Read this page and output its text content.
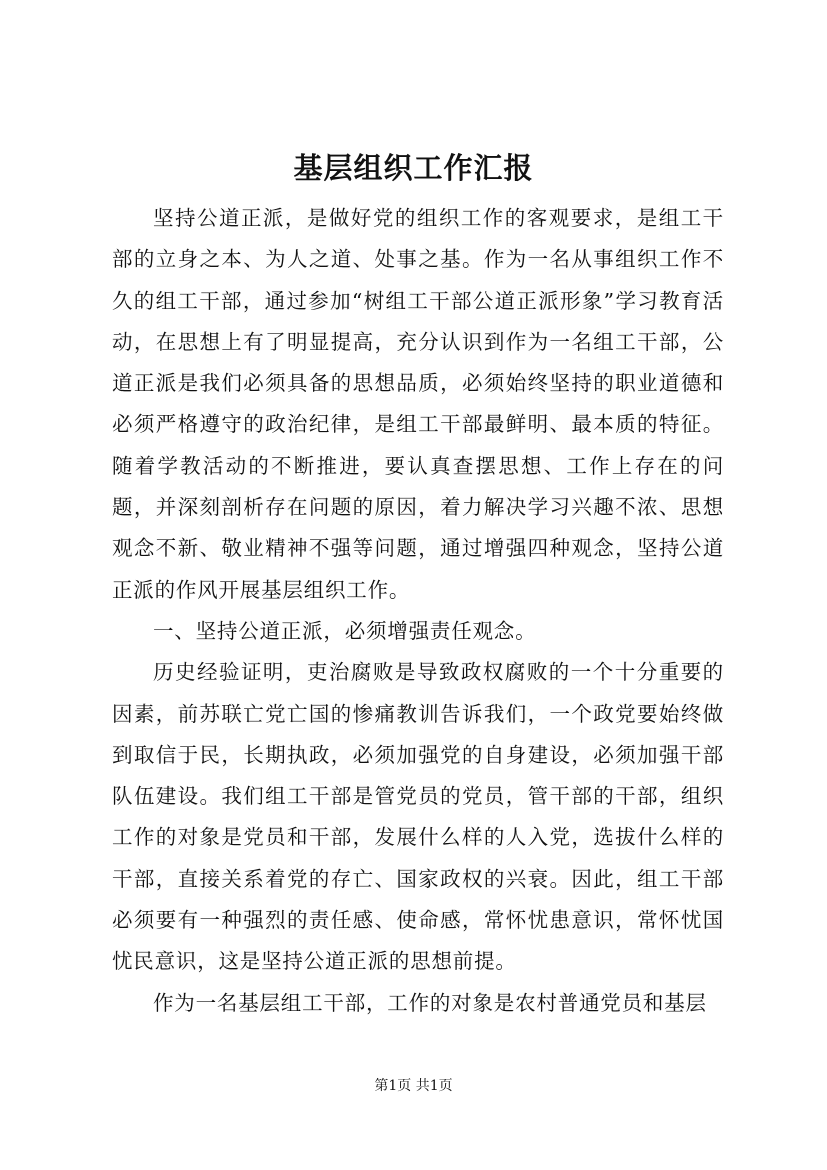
基层组织工作汇报

坚持公道正派，是做好党的组织工作的客观要求，是组工干部的立身之本、为人之道、处事之基。作为一名从事组织工作不久的组工干部，通过参加“树组工干部公道正派形象”学习教育活动，在思想上有了明显提高，充分认识到作为一名组工干部，公道正派是我们必须具备的思想品质，必须始终坚持的职业道德和必须严格遵守的政治纪律，是组工干部最鲜明、最本质的特征。随着学教活动的不断推进，要认真查摆思想、工作上存在的问题，并深刻剖析存在问题的原因，着力解决学习兴趣不浓、思想观念不新、敬业精神不强等问题，通过增强四种观念，坚持公道正派的作风开展基层组织工作。

一、坚持公道正派，必须增强责任观念。

历史经验证明，吏治腐败是导致政权腐败的一个十分重要的因素，前苏联亡党亡国的惨痛教训告诉我们，一个政党要始终做到取信于民，长期执政，必须加强党的自身建设，必须加强干部队伍建设。我们组工干部是管党员的党员，管干部的干部，组织工作的对象是党员和干部，发展什么样的人入党，选拔什么样的干部，直接关系着党的存亡、国家政权的兴衰。因此，组工干部必须要有一种强烈的责任感、使命感，常怀忧患意识，常怀忧国忧民意识，这是坚持公道正派的思想前提。

作为一名基层组工干部，工作的对象是农村普通党员和基层

第1页 共1页
